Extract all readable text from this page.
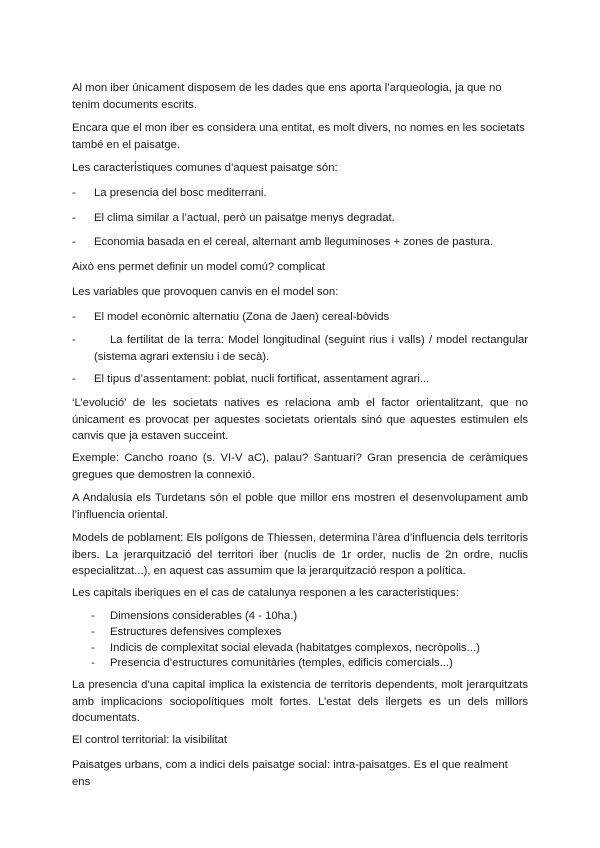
Al mon iber únicament disposem de les dades que ens aporta l’arqueologia, ja que no tenim documents escrits.

Encara que el mon iber es considera una entitat, es molt divers, no nomes en les societats també en el paisatge.

Les caracteri̇́stiques comunes d’aquest paisatge són:

- La presencia del bosc mediterrani.
- El clima similar a l’actual, però un paisatge menys degradat.
- Economia basada en el cereal, alternant amb lleguminoses + zones de pastura.

Això ens permet definir un model comú? complicat

Les variables que provoquen canvis en el model son:

- El model econòmic alternatiu (Zona de Jaen) cereal-bòvids
-	La fertilitat de la terra: Model longitudinal (seguint rius i valls) / model rectangular (sistema agrari extensiu i de secà).
- El tipus d’assentament: poblat, nucli fortificat, assentament agrari...

‘L’evolució’ de les societats natives es relaciona amb el factor orientalitzant, que no únicament es provocat per aquestes societats orientals sinó que aquestes estimulen els canvis que ja estaven succeint.

Exemple: Cancho roano (s. VI-V aC), palau? Santuari? Gran presencia de ceràmiques gregues que demostren la connexió.

A Andalusia els Turdetans són el poble que millor ens mostren el desenvolupament amb l’influencia oriental.

Models de poblament: Els polígons de Thiessen, determina l’àrea d’influencia dels territoris ibers. La jerarquització del territori iber (nuclis de 1r order, nuclis de 2n ordre, nuclis especialitzat...), en aquest cas assumim que la jerarquització respon a política.

Les capitals iberiques en el cas de catalunya responen a les caracteristiques:

- Dimensions considerables (4 - 10ha.)
- Estructures defensives complexes
- Indicis de complexitat social elevada (habitatges complexos, necròpolis...)
- Presencia d’estructures comunitàries (temples, edificis comercials...)

La presencia d’una capital implica la existencia de territoris dependents, molt jerarquitzats amb implicacions sociopolítiques molt fortes. L’estat dels ilergets es un dels millors documentats.

El control territorial: la visibilitat

Paisatges urbans, com a indici dels paisatge social: intra-paisatges. Es el que realment ens
